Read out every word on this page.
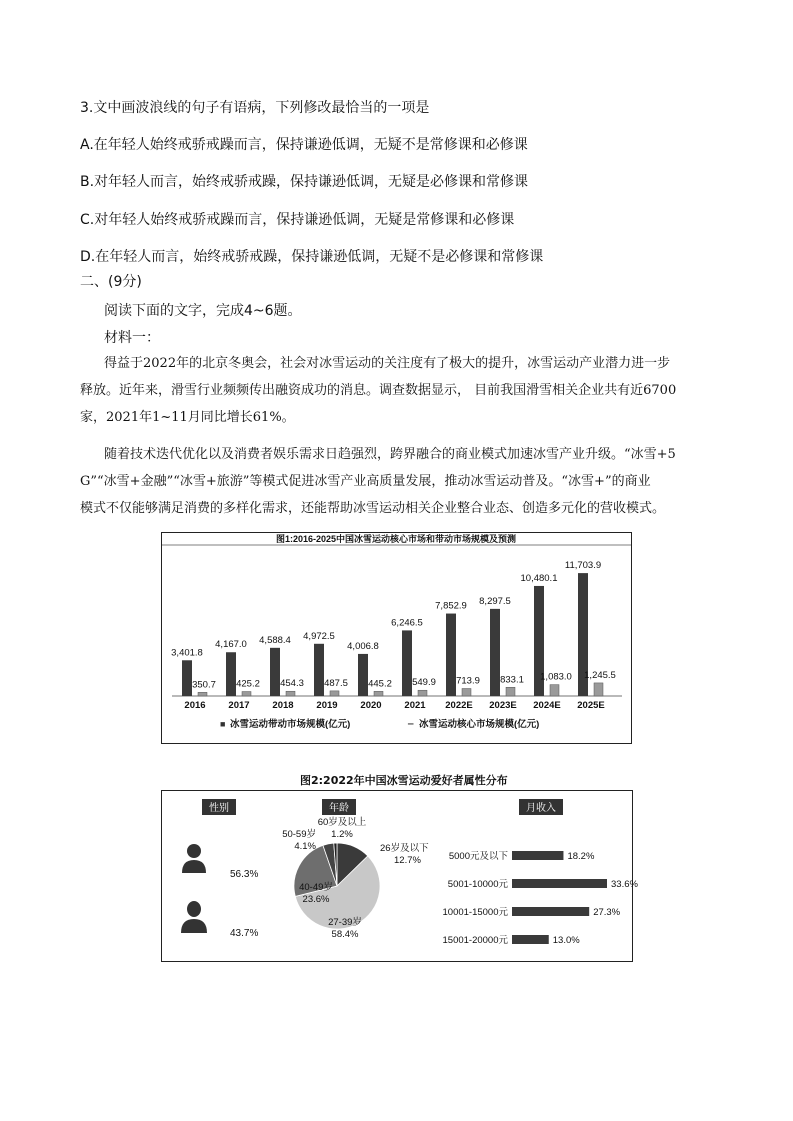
3.文中画波浪线的句子有语病，下列修改最恰当的一项是
A.在年轻人始终戒骄戒躁而言，保持谦逊低调，无疑不是常修课和必修课
B.对年轻人而言，始终戒骄戒躁，保持谦逊低调，无疑是必修课和常修课
C.对年轻人始终戒骄戒躁而言，保持谦逊低调，无疑是常修课和必修课
D.在年轻人而言，始终戒骄戒躁，保持谦逊低调，无疑不是必修课和常修课
二、(9分)
阅读下面的文字，完成4~6题。
材料一：
得益于2022年的北京冬奥会，社会对冰雪运动的关注度有了极大的提升，冰雪运动产业潜力进一步
释放。近年来，滑雪行业频频传出融资成功的消息。调查数据显示， 目前我国滑雪相关企业共有近6700
家，2021年1~11月同比增长61%。
随着技术迭代优化以及消费者娱乐需求日趋强烈，跨界融合的商业模式加速冰雪产业升级。“冰雪+5
G”“冰雪+金融”“冰雪+旅游”等模式促进冰雪产业高质量发展，推动冰雪运动普及。“冰雪+”的商业
模式不仅能够满足消费的多样化需求，还能帮助冰雪运动相关企业整合业态、创造多元化的营收模式。
图1:2016-2025中国冰雪运动核心市场和带动市场规模及预测
3,401.8
350.7
2016
4,167.0
425.2
2017
4,588.4
454.3
2018
4,972.5
487.5
2019
4,006.8
445.2
2020
6,246.5
549.9
2021
7,852.9
713.9
2022E
8,297.5
833.1
2023E
10,480.1
1,083.0
2024E
11,703.9
1,245.5
2025E
■ 冰雪运动带动市场规模(亿元)	━ 冰雪运动核心市场规模(亿元)
图2:2022年中国冰雪运动爱好者属性分布
性别	年龄	月收入
56.3%
43.7%
50-59岁
4.1%
60岁及以上
1.2%
26岁及以下
12.7%
40-49岁
23.6%
27-39岁
58.4%
5000元及以下	18.2%
5001-10000元	33.6%
10001-15000元	27.3%
15001-20000元	13.0%
